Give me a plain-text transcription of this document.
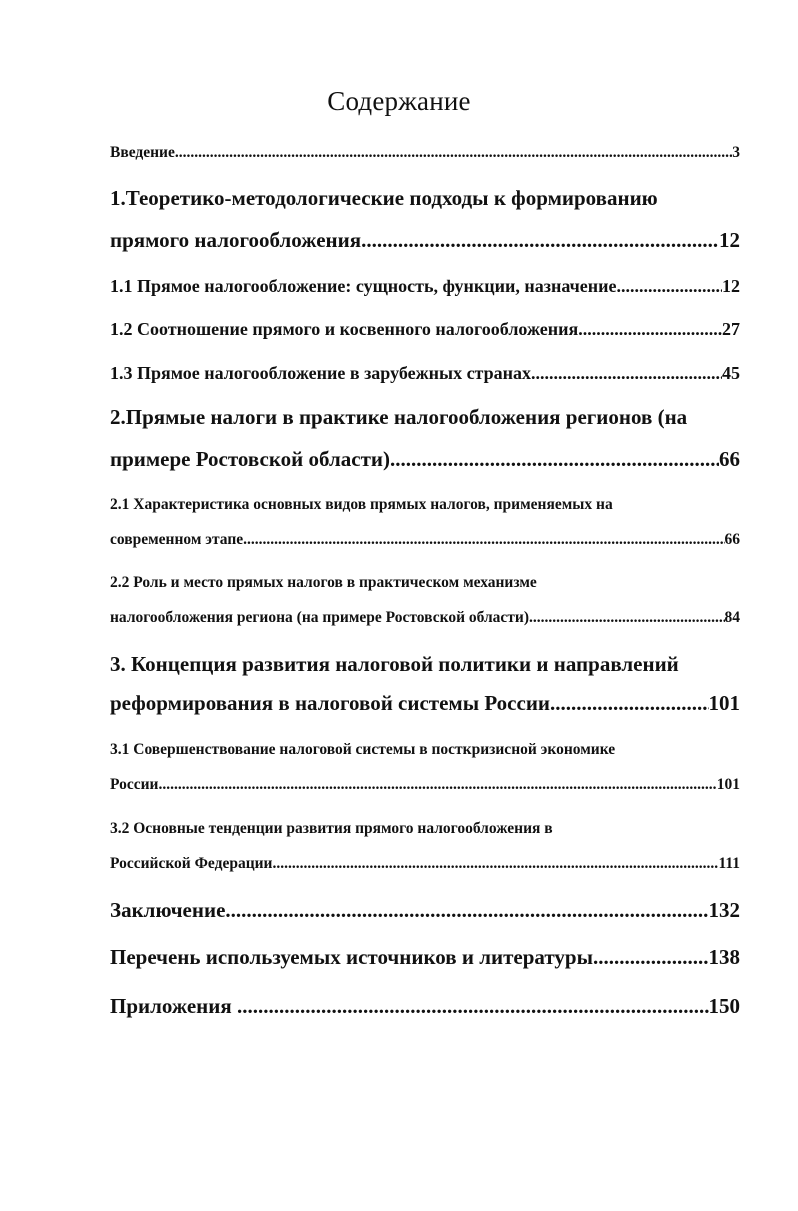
Содержание
Введение .....	3
1.Теоретико-методологические подходы к формированию
прямого налогообложения .....	12
1.1 Прямое налогообложение: сущность, функции, назначение .....	12
1.2 Соотношение прямого и косвенного налогообложения .....	27
1.3 Прямое налогообложение в зарубежных странах .....	45
2.Прямые налоги в практике налогообложения регионов (на
примере Ростовской области) .....	66
2.1 Характеристика основных видов прямых налогов, применяемых на
современном этапе .....	66
2.2 Роль и место прямых налогов в практическом механизме
налогообложения региона (на примере Ростовской области) .....	84
3. Концепция развития налоговой политики и направлений
реформирования в налоговой системы России .....	101
3.1 Совершенствование налоговой системы в посткризисной экономике
России .....	101
3.2 Основные тенденции развития прямого налогообложения в
Российской Федерации .....	111
Заключение .....	132
Перечень используемых источников и литературы .....	138
Приложения .....	150
